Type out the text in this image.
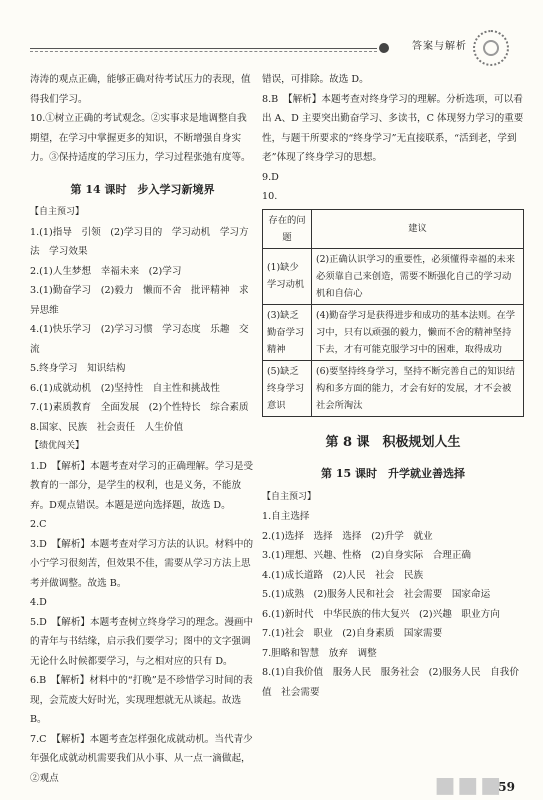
答案与解析

涛涛的观点正确，能够正确对待考试压力的表现，值得我们学习。

10.①树立正确的考试观念。②实事求是地调整自我期望，在学习中掌握更多的知识，不断增强自身实力。③保持适度的学习压力，学习过程张弛有度等。

第 14 课时　步入学习新境界

【自主预习】

1.(1)指导　引领　(2)学习目的　学习动机　学习方法　学习效果

2.(1)人生梦想　幸福未来　(2)学习

3.(1)勤奋学习　(2)毅力　懒而不舍　批评精神　求异思维

4.(1)快乐学习　(2)学习习惯　学习态度　乐趣　交流

5.终身学习　知识结构

6.(1)成就动机　(2)坚持性　自主性和挑战性

7.(1)素质教育　全面发展　(2)个性特长　综合素质

8.国家、民族　社会责任　人生价值

【绩优闯关】

1.D　【解析】本题考查对学习的正确理解。学习是受教育的一部分，是学生的权利，也是义务，不能放弃。D观点错误。本题是逆向选择题，故选 D。

2.C

3.D　【解析】本题考查对学习方法的认识。材料中的小宁学习很刻苦，但效果不佳，需要从学习方法上思考并做调整。故选 B。

4.D

5.D　【解析】本题考查树立终身学习的理念。漫画中的青年与书结缘，启示我们要学习；图中的文字强调无论什么时候都要学习，与之相对应的只有 D。

6.B　【解析】材料中的“打晚”是不珍惜学习时间的表现，会荒废大好时光，实现理想就无从谈起。故选 B。

7.C　【解析】本题考查怎样强化成就动机。当代青少年强化成就动机需要我们从小事、从一点一滴做起，②观点

错误，可排除。故选 D。

8.B　【解析】本题考查对终身学习的理解。分析选项，可以看出 A、D 主要突出勤奋学习、多读书，C 体现努力学习的重要性，与题干所要求的“终身学习”无直接联系，“活到老，学到老”体现了终身学习的思想。

9.D

10.

存在的问题	建议
(1)缺少学习动机	(2)正确认识学习的重要性，必须懂得幸福的未来必须靠自己来创造，需要不断强化自己的学习动机和自信心
(3)缺乏勤奋学习精神	(4)勤奋学习是获得进步和成功的基本法则。在学习中，只有以顽强的毅力，懒而不舍的精神坚持下去，才有可能克服学习中的困难，取得成功
(5)缺乏终身学习意识	(6)要坚持终身学习，坚持不断完善自己的知识结构和多方面的能力，才会有好的发展，才不会被社会所淘汰
第 8 课　积极规划人生
第 15 课时　升学就业善选择

【自主预习】

1.自主选择

2.(1)选择　选择　选择　(2)升学　就业

3.(1)理想、兴趣、性格　(2)自身实际　合理正确

4.(1)成长道路　(2)人民　社会　民族

5.(1)成熟　(2)服务人民和社会　社会需要　国家命运

6.(1)新时代　中华民族的伟大复兴　(2)兴趣　职业方向

7.(1)社会　职业　(2)自身素质　国家需要

7.胆略和智慧　放弃　调整

8.(1)自我价值　服务人民　服务社会　(2)服务人民　自我价值　社会需要

■■■
59
